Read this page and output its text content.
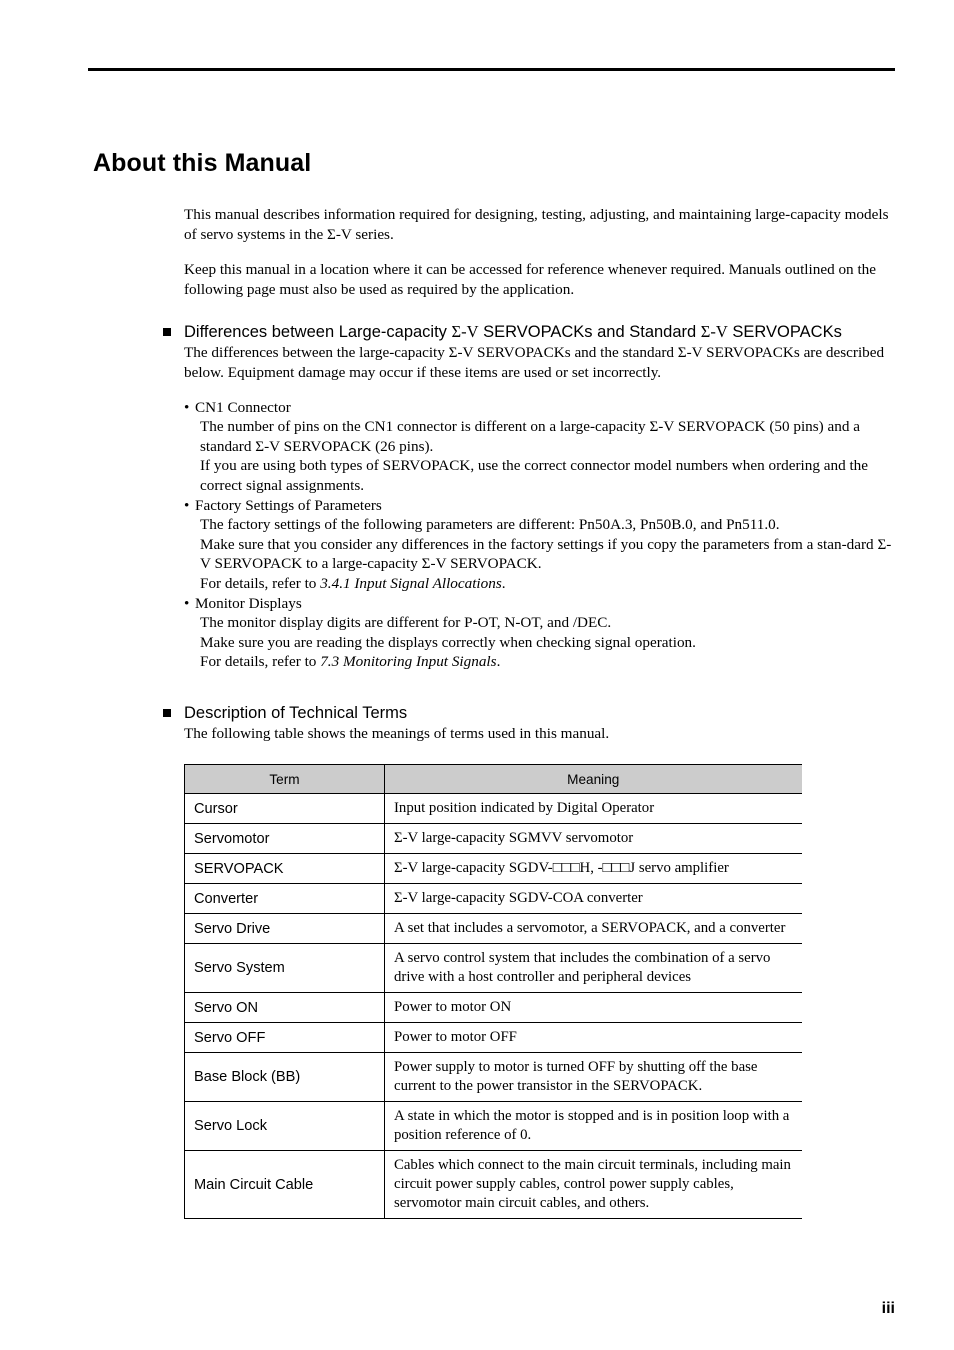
About this Manual

This manual describes information required for designing, testing, adjusting, and maintaining large-capacity models of servo systems in the Σ-V series.

Keep this manual in a location where it can be accessed for reference whenever required. Manuals outlined on the following page must also be used as required by the application.

Differences between Large-capacity Σ-V SERVOPACKs and Standard Σ-V SERVOPACKs

The differences between the large-capacity Σ-V SERVOPACKs and the standard Σ-V SERVOPACKs are described below. Equipment damage may occur if these items are used or set incorrectly.

• CN1 Connector
The number of pins on the CN1 connector is different on a large-capacity Σ-V SERVOPACK (50 pins) and a standard Σ-V SERVOPACK (26 pins).
If you are using both types of SERVOPACK, use the correct connector model numbers when ordering and the correct signal assignments.
• Factory Settings of Parameters
The factory settings of the following parameters are different: Pn50A.3, Pn50B.0, and Pn511.0.
Make sure that you consider any differences in the factory settings if you copy the parameters from a stan-dard Σ-V SERVOPACK to a large-capacity Σ-V SERVOPACK.
For details, refer to 3.4.1 Input Signal Allocations.
• Monitor Displays
The monitor display digits are different for P-OT, N-OT, and /DEC.
Make sure you are reading the displays correctly when checking signal operation.
For details, refer to 7.3 Monitoring Input Signals.
Description of Technical Terms

The following table shows the meanings of terms used in this manual.

Term	Meaning
Cursor	Input position indicated by Digital Operator
Servomotor	Σ-V large-capacity SGMVV servomotor
SERVOPACK	Σ-V large-capacity SGDV-□□□H, -□□□J servo amplifier
Converter	Σ-V large-capacity SGDV-COA converter
Servo Drive	A set that includes a servomotor, a SERVOPACK, and a converter
Servo System	A servo control system that includes the combination of a servo drive with a host controller and peripheral devices
Servo ON	Power to motor ON
Servo OFF	Power to motor OFF
Base Block (BB)	Power supply to motor is turned OFF by shutting off the base current to the power transistor in the SERVOPACK.
Servo Lock	A state in which the motor is stopped and is in position loop with a position reference of 0.
Main Circuit Cable	Cables which connect to the main circuit terminals, including main circuit power supply cables, control power supply cables, servomotor main circuit cables, and others.
iii
